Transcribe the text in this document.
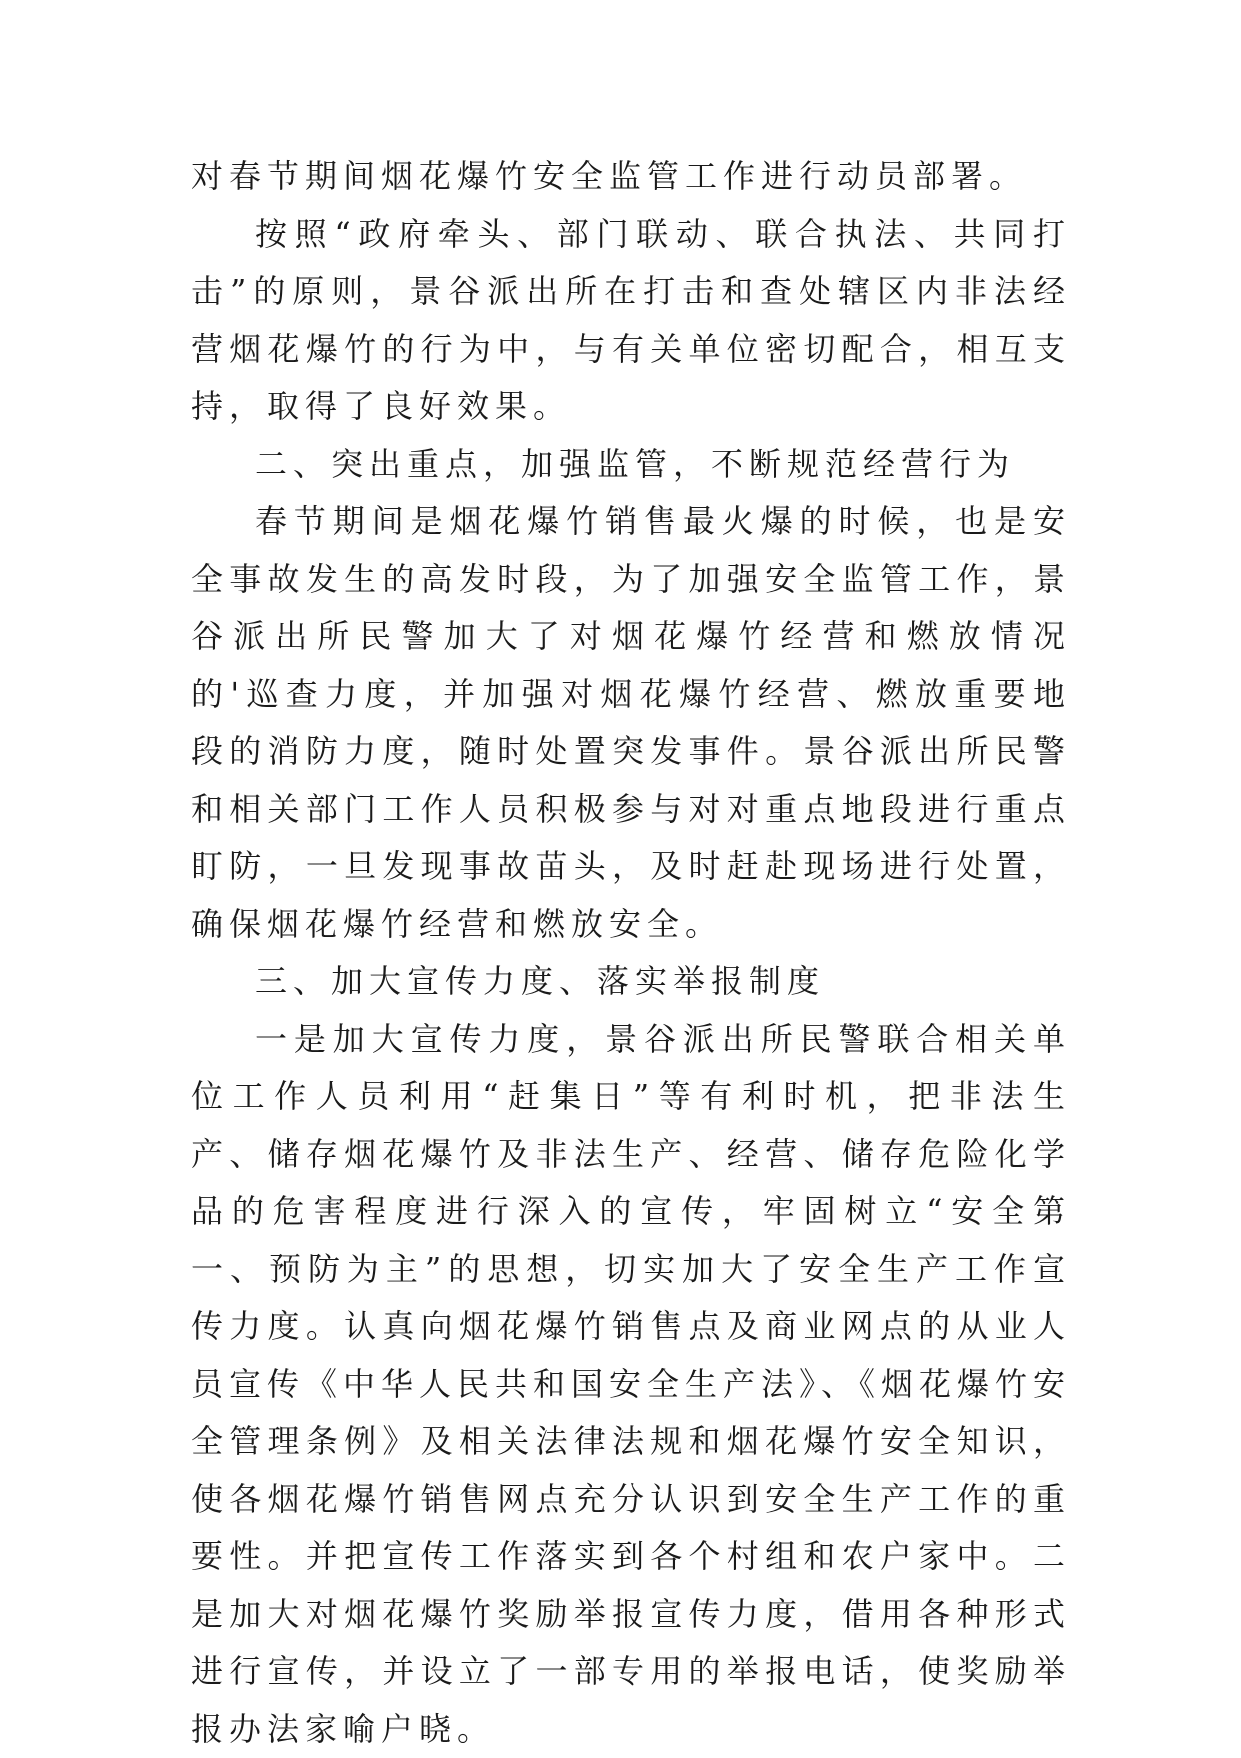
对春节期间烟花爆竹安全监管工作进行动员部署。

按照“政府牵头、部门联动、联合执法、共同打击”的原则，景谷派出所在打击和查处辖区内非法经营烟花爆竹的行为中，与有关单位密切配合，相互支持，取得了良好效果。

二、突出重点，加强监管，不断规范经营行为

春节期间是烟花爆竹销售最火爆的时候，也是安全事故发生的高发时段，为了加强安全监管工作，景谷派出所民警加大了对烟花爆竹经营和燃放情况的'巡查力度，并加强对烟花爆竹经营、燃放重要地段的消防力度，随时处置突发事件。景谷派出所民警和相关部门工作人员积极参与对对重点地段进行重点盯防，一旦发现事故苗头，及时赶赴现场进行处置，确保烟花爆竹经营和燃放安全。

三、加大宣传力度、落实举报制度

一是加大宣传力度，景谷派出所民警联合相关单位工作人员利用“赶集日”等有利时机，把非法生产、储存烟花爆竹及非法生产、经营、储存危险化学品的危害程度进行深入的宣传，牢固树立“安全第一、预防为主”的思想，切实加大了安全生产工作宣传力度。认真向烟花爆竹销售点及商业网点的从业人员宣传《中华人民共和国安全生产法》、《烟花爆竹安全管理条例》及相关法律法规和烟花爆竹安全知识，使各烟花爆竹销售网点充分认识到安全生产工作的重要性。并把宣传工作落实到各个村组和农户家中。二是加大对烟花爆竹奖励举报宣传力度，借用各种形式进行宣传，并设立了一部专用的举报电话，使奖励举报办法家喻户晓。
